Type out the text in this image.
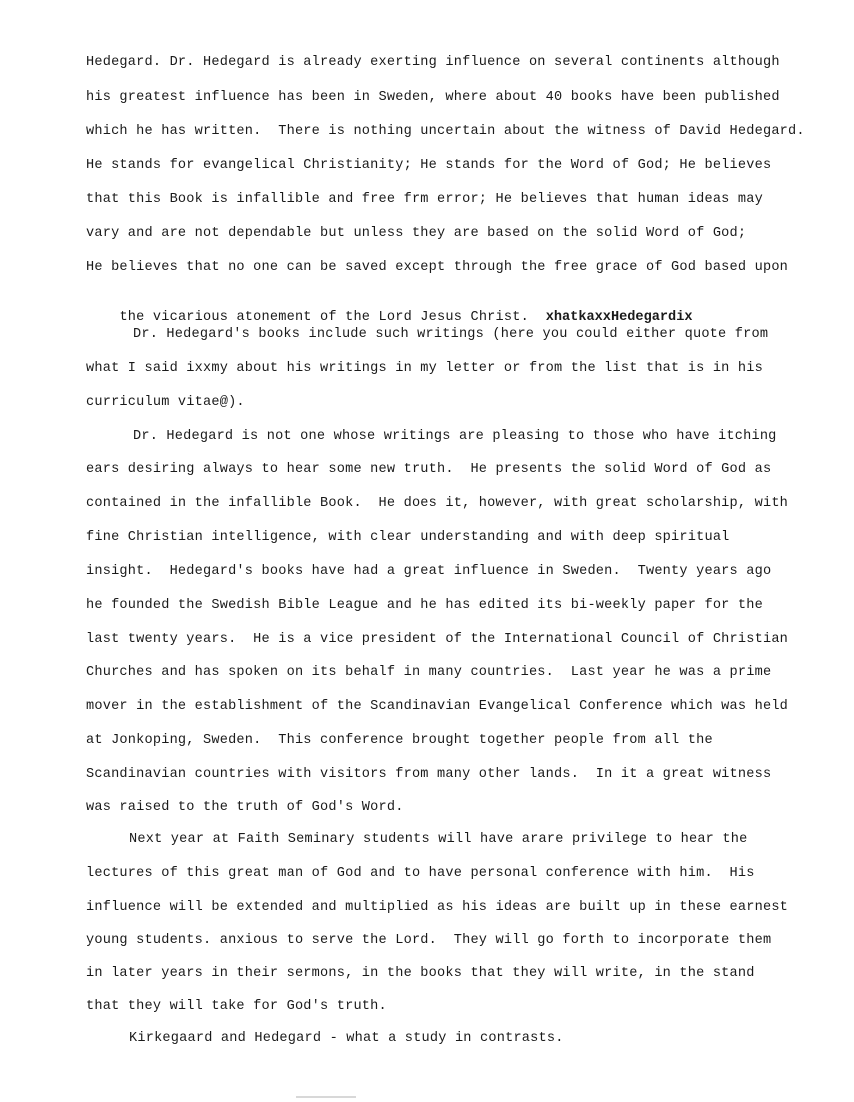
Hedegard. Dr. Hedegard is already exerting influence on several continents although
his greatest influence has been in Sweden, where about 40 books have been published
which he has written.  There is nothing uncertain about the witness of David Hedegard.
He stands for evangelical Christianity; He stands for the Word of God; He believes
that this Book is infallible and free frm error; He believes that human ideas may
vary and are not dependable but unless they are based on the solid Word of God;
He believes that no one can be saved except through the free grace of God based upon

the vicarious atonement of the Lord Jesus Christ.  xhatkaxxHedegardix

Dr. Hedegard's books include such writings (here you could either quote from
what I said ixxmy about his writings in my letter or from the list that is in his
curriculum vitae@).
Dr. Hedegard is not one whose writings are pleasing to those who have itching
ears desiring always to hear some new truth.  He presents the solid Word of God as
contained in the infallible Book.  He does it, however, with great scholarship, with
fine Christian intelligence, with clear understanding and with deep spiritual
insight.  Hedegard's books have had a great influence in Sweden.  Twenty years ago
he founded the Swedish Bible League and he has edited its bi-weekly paper for the
last twenty years.  He is a vice president of the International Council of Christian
Churches and has spoken on its behalf in many countries.  Last year he was a prime
mover in the establishment of the Scandinavian Evangelical Conference which was held
at Jonkoping, Sweden.  This conference brought together people from all the
Scandinavian countries with visitors from many other lands.  In it a great witness
was raised to the truth of God's Word.
Next year at Faith Seminary students will have arare privilege to hear the
lectures of this great man of God and to have personal conference with him.  His
influence will be extended and multiplied as his ideas are built up in these earnest
young students. anxious to serve the Lord.  They will go forth to incorporate them
in later years in their sermons, in the books that they will write, in the stand
that they will take for God's truth.
Kirkegaard and Hedegard - what a study in contrasts.
